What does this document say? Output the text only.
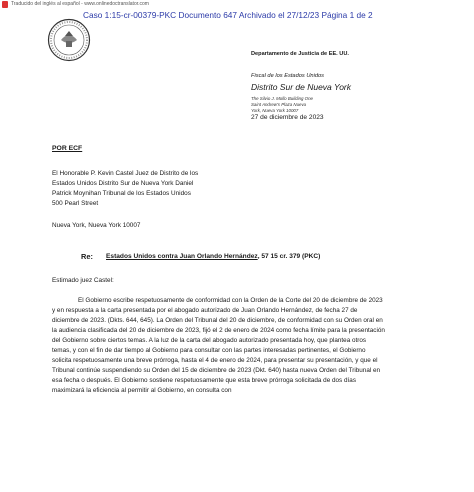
Traducido del inglés al español - www.onlinedoctranslator.com
Caso 1:15-cr-00379-PKC Documento 647 Archivado el 27/12/23 Página 1 de 2
Departamento de Justicia de EE. UU.
Fiscal de los Estados Unidos
Distrito Sur de Nueva York
The Silvio J. Mollo Building One
Saint Andrew's Plaza Nueva
York, Nueva York 10007
27 de diciembre de 2023
POR ECF
El Honorable P. Kevin Castel Juez de Distrito de los
Estados Unidos Distrito Sur de Nueva York Daniel
Patrick Moynihan Tribunal de los Estados Unidos
500 Pearl Street
Nueva York, Nueva York 10007
Re: Estados Unidos contra Juan Orlando Hernández, 57 15 cr. 379 (PKC)
Estimado juez Castel:
El Gobierno escribe respetuosamente de conformidad con la Orden de la Corte del 20 de diciembre de 2023
y en respuesta a la carta presentada por el abogado autorizado de Juan Orlando Hernández, de fecha 27 de
diciembre de 2023. (Dkts. 644, 645). La Orden del Tribunal del 20 de diciembre, de conformidad con su Orden oral en
la audiencia clasificada del 20 de diciembre de 2023, fijó el 2 de enero de 2024 como fecha límite para la presentación
del Gobierno sobre ciertos temas. A la luz de la carta del abogado autorizado presentada hoy, que plantea otros
temas, y con el fin de dar tiempo al Gobierno para consultar con las partes interesadas pertinentes, el Gobierno
solicita respetuosamente una breve prórroga, hasta el 4 de enero de 2024, para presentar su presentación, y que el
Tribunal continúe suspendiendo su Orden del 15 de diciembre de 2023 (Dkt. 640) hasta nueva Orden del Tribunal en
esa fecha o después. El Gobierno sostiene respetuosamente que esta breve prórroga solicitada de dos días
maximizará la eficiencia al permitir al Gobierno, en consulta con
